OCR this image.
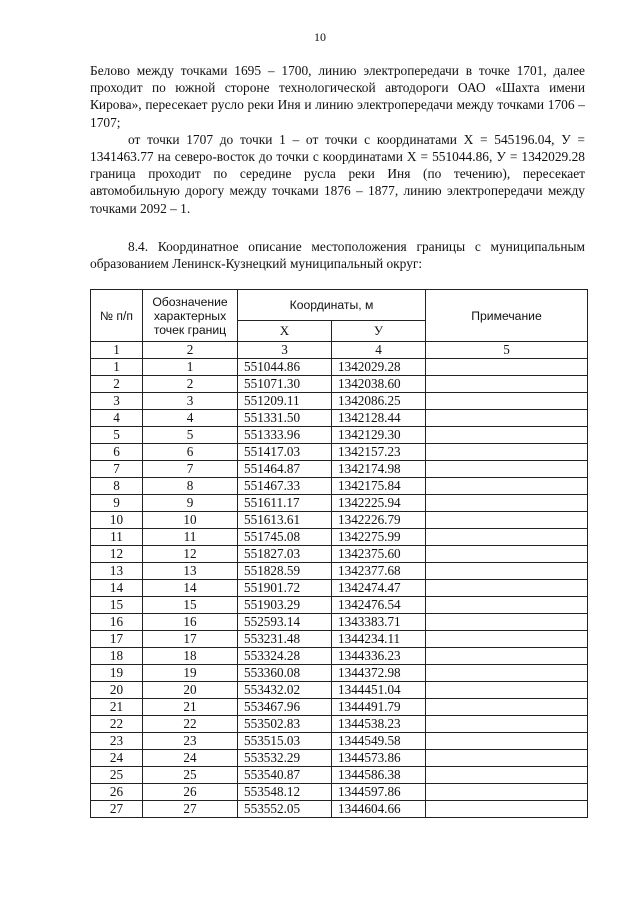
10

Белово между точками 1695 – 1700, линию электропередачи в точке 1701, далее проходит по южной стороне технологической автодороги ОАО «Шахта имени Кирова», пересекает русло реки Иня и линию электропередачи между точками 1706 – 1707;

от точки 1707 до точки 1 – от точки с координатами X = 545196.04, У = 1341463.77 на северо-восток до точки с координатами X = 551044.86, У = 1342029.28 граница проходит по середине русла реки Иня (по течению), пересекает автомобильную дорогу между точками 1876 – 1877, линию электропередачи между точками 2092 – 1.

8.4. Координатное описание местоположения границы с муниципальным образованием Ленинск-Кузнецкий муниципальный округ:
№ п/п	Обозначение характерных точек границ	Координаты, м		Примечание
		Х	У	
1	2	3	4	5
1	1	551044.86	1342029.28	
2	2	551071.30	1342038.60	
3	3	551209.11	1342086.25	
4	4	551331.50	1342128.44	
5	5	551333.96	1342129.30	
6	6	551417.03	1342157.23	
7	7	551464.87	1342174.98	
8	8	551467.33	1342175.84	
9	9	551611.17	1342225.94	
10	10	551613.61	1342226.79	
11	11	551745.08	1342275.99	
12	12	551827.03	1342375.60	
13	13	551828.59	1342377.68	
14	14	551901.72	1342474.47	
15	15	551903.29	1342476.54	
16	16	552593.14	1343383.71	
17	17	553231.48	1344234.11	
18	18	553324.28	1344336.23	
19	19	553360.08	1344372.98	
20	20	553432.02	1344451.04	
21	21	553467.96	1344491.79	
22	22	553502.83	1344538.23	
23	23	553515.03	1344549.58	
24	24	553532.29	1344573.86	
25	25	553540.87	1344586.38	
26	26	553548.12	1344597.86	
27	27	553552.05	1344604.66	
